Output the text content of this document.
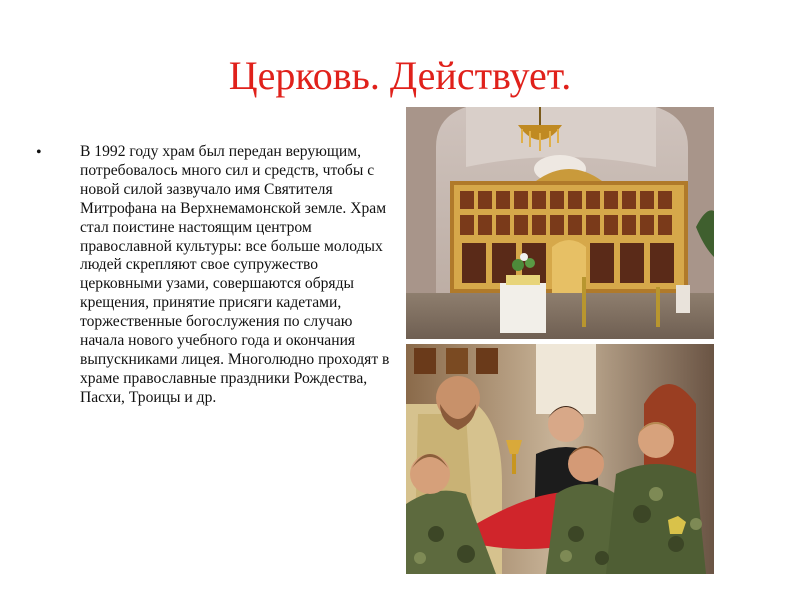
Церковь. Действует.
• В 1992 году храм был передан верующим, потребовалось много сил и средств, чтобы с новой силой зазвучало имя Святителя Митрофана на Верхнемамонской земле. Храм стал поистине настоящим центром православной культуры: все больше молодых людей скрепляют свое супружество церковными узами, совершаются обряды крещения, принятие присяги кадетами, торжественные богослужения по случаю начала нового учебного года и окончания выпускниками лицея. Многолюдно проходят в храме православные праздники Рождества, Пасхи, Троицы и др.
